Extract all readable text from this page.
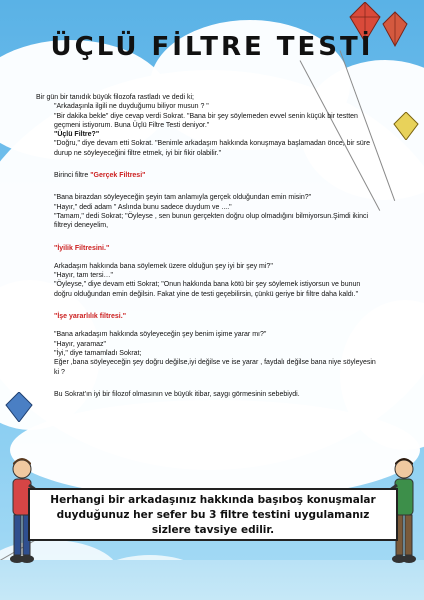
ÜÇLÜ FİLTRE TESTİ

Bir gün bir tanıdık büyük filozofa rastladı ve dedi ki;

"Arkadaşınla ilgili ne duyduğumu biliyor musun ? "

"Bir dakika bekle" diye cevap verdi Sokrat. "Bana bir şey söylemeden evvel senin küçük bir testten geçmeni istiyorum. Buna Üçlü Filtre Testi deniyor."

"Üçlü Filtre?"

"Doğru," diye devam etti Sokrat. "Benimle arkadaşım hakkında konuşmaya başlamadan önce, bir süre durup ne söyleyeceğini filtre etmek, iyi bir fikir olabilir."

Birinci filtre "Gerçek Filtresi"

"Bana birazdan söyleyeceğin şeyin tam anlamıyla gerçek olduğundan emin misin?"

"Hayır," dedi adam " Aslında bunu sadece duydum ve ...."

"Tamam," dedi Sokrat; "Öyleyse , sen bunun gerçekten doğru olup olmadığını bilmiyorsun.Şimdi ikinci filtreyi deneyelim,

"İyilik Filtresini."

Arkadaşım hakkında bana söylemek üzere olduğun şey iyi bir şey mi?"

"Hayır, tam tersi…"

"Öyleyse," diye devam etti Sokrat; "Onun hakkında bana kötü bir şey söylemek istiyorsun ve bunun doğru olduğundan emin değilsin. Fakat yine de testi geçebilirsin, çünkü geriye bir filtre daha kaldı."

"İşe yararlılık filtresi."

"Bana arkadaşım hakkında söyleyeceğin şey benim işime yarar mı?"

"Hayır, yaramaz"

"İyi," diye tamamladı Sokrat;

Eğer ,bana söyleyeceğin şey doğru değilse,iyi değilse ve ise yarar , faydalı değilse bana niye söyleyesin ki ?

Bu Sokrat'ın iyi bir filozof olmasının ve büyük itibar, saygı görmesinin sebebiydi.

Herhangi bir arkadaşınız hakkında başıboş konuşmalar
duyduğunuz her sefer bu 3 filtre testini uygulamanız
sizlere tavsiye edilir.
